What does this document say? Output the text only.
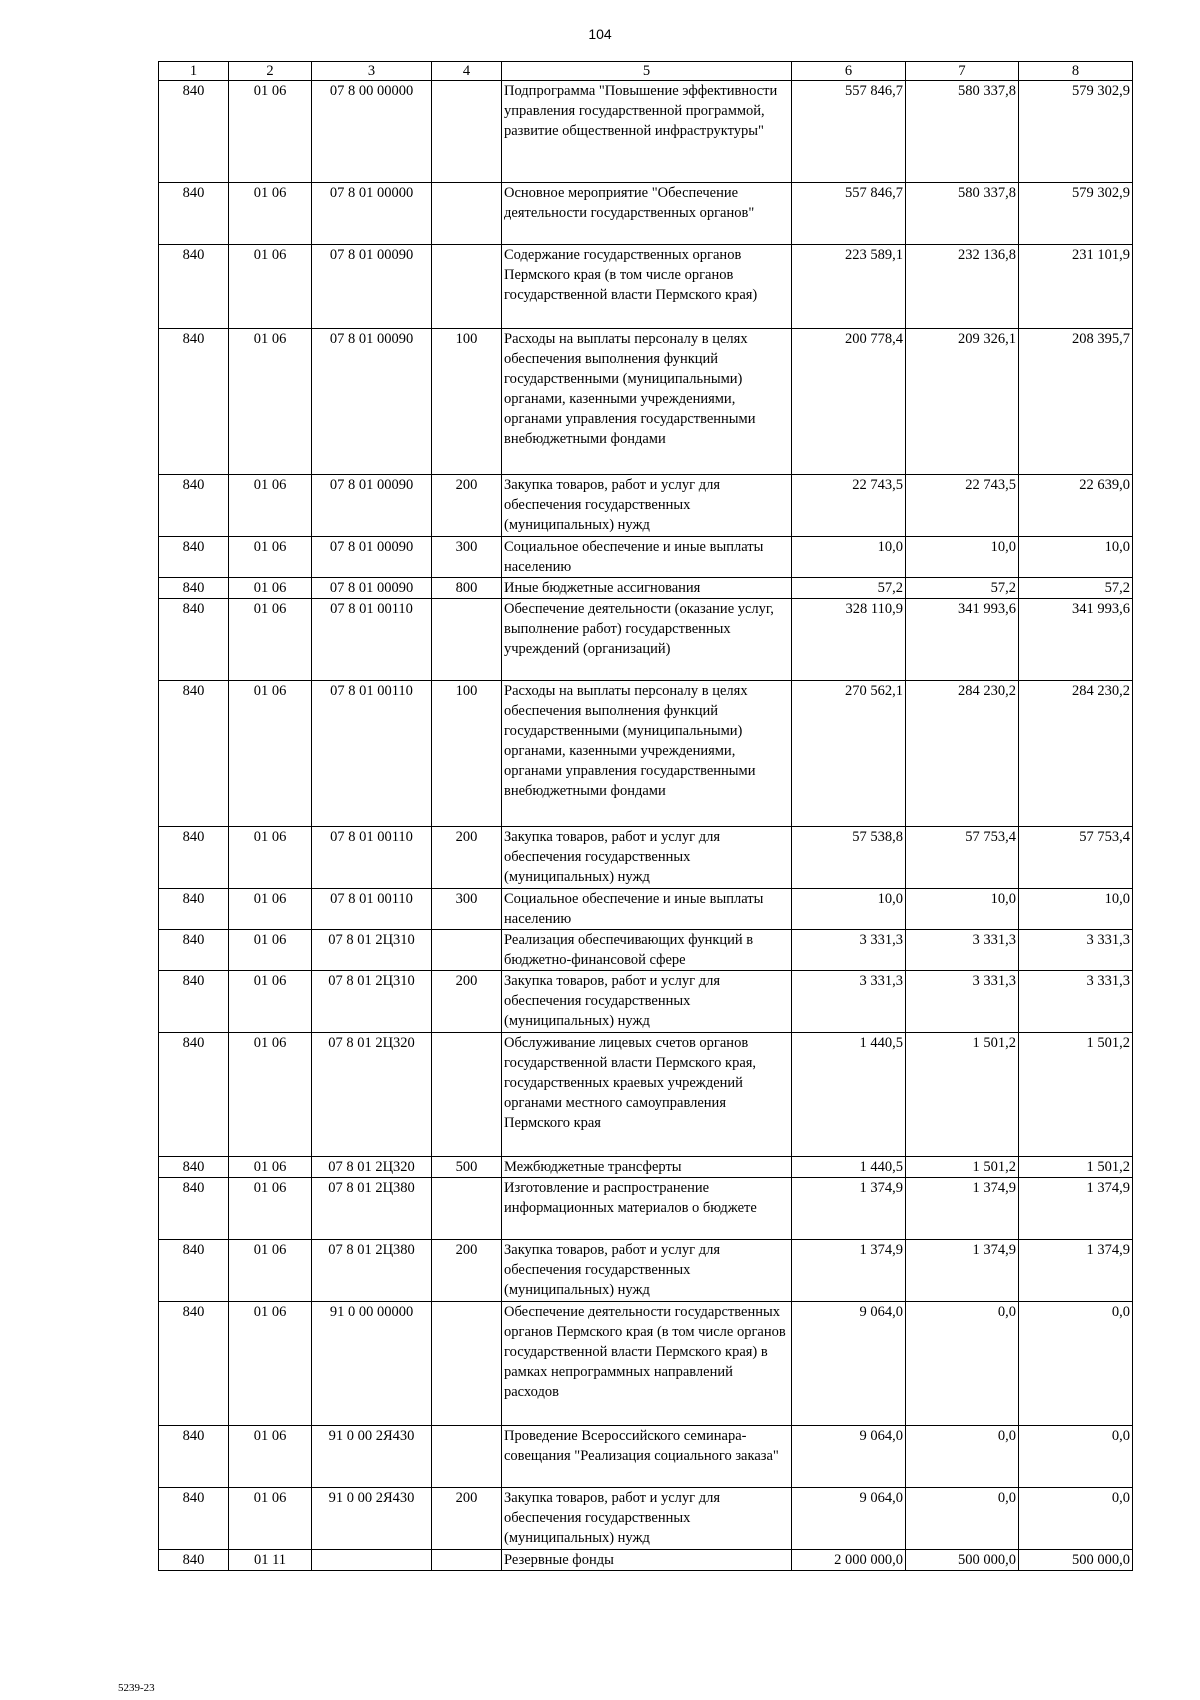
104
1	2	3	4	5	6	7	8
840	01 06	07 8 00 00000		Подпрограмма "Повышение эффективности управления государственной программой, развитие общественной инфраструктуры"	557 846,7	580 337,8	579 302,9
840	01 06	07 8 01 00000		Основное мероприятие "Обеспечение деятельности государственных органов"	557 846,7	580 337,8	579 302,9
840	01 06	07 8 01 00090		Содержание государственных органов Пермского края (в том числе органов государственной власти Пермского края)	223 589,1	232 136,8	231 101,9
840	01 06	07 8 01 00090	100	Расходы на выплаты персоналу в целях обеспечения выполнения функций государственными (муниципальными) органами, казенными учреждениями, органами управления государственными внебюджетными фондами	200 778,4	209 326,1	208 395,7
840	01 06	07 8 01 00090	200	Закупка товаров, работ и услуг для обеспечения государственных (муниципальных) нужд	22 743,5	22 743,5	22 639,0
840	01 06	07 8 01 00090	300	Социальное обеспечение и иные выплаты населению	10,0	10,0	10,0
840	01 06	07 8 01 00090	800	Иные бюджетные ассигнования	57,2	57,2	57,2
840	01 06	07 8 01 00110		Обеспечение деятельности (оказание услуг, выполнение работ) государственных учреждений (организаций)	328 110,9	341 993,6	341 993,6
840	01 06	07 8 01 00110	100	Расходы на выплаты персоналу в целях обеспечения выполнения функций государственными (муниципальными) органами, казенными учреждениями, органами управления государственными внебюджетными фондами	270 562,1	284 230,2	284 230,2
840	01 06	07 8 01 00110	200	Закупка товаров, работ и услуг для обеспечения государственных (муниципальных) нужд	57 538,8	57 753,4	57 753,4
840	01 06	07 8 01 00110	300	Социальное обеспечение и иные выплаты населению	10,0	10,0	10,0
840	01 06	07 8 01 2Ц310		Реализация обеспечивающих функций в бюджетно-финансовой сфере	3 331,3	3 331,3	3 331,3
840	01 06	07 8 01 2Ц310	200	Закупка товаров, работ и услуг для обеспечения государственных (муниципальных) нужд	3 331,3	3 331,3	3 331,3
840	01 06	07 8 01 2Ц320		Обслуживание лицевых счетов органов государственной власти Пермского края, государственных краевых учреждений органами местного самоуправления Пермского края	1 440,5	1 501,2	1 501,2
840	01 06	07 8 01 2Ц320	500	Межбюджетные трансферты	1 440,5	1 501,2	1 501,2
840	01 06	07 8 01 2Ц380		Изготовление и распространение информационных материалов о бюджете	1 374,9	1 374,9	1 374,9
840	01 06	07 8 01 2Ц380	200	Закупка товаров, работ и услуг для обеспечения государственных (муниципальных) нужд	1 374,9	1 374,9	1 374,9
840	01 06	91 0 00 00000		Обеспечение деятельности государственных органов Пермского края (в том числе органов государственной власти Пермского края) в рамках непрограммных направлений расходов	9 064,0	0,0	0,0
840	01 06	91 0 00 2Я430		Проведение Всероссийского семинара-совещания "Реализация социального заказа"	9 064,0	0,0	0,0
840	01 06	91 0 00 2Я430	200	Закупка товаров, работ и услуг для обеспечения государственных (муниципальных) нужд	9 064,0	0,0	0,0
840	01 11			Резервные фонды	2 000 000,0	500 000,0	500 000,0
5239-23
